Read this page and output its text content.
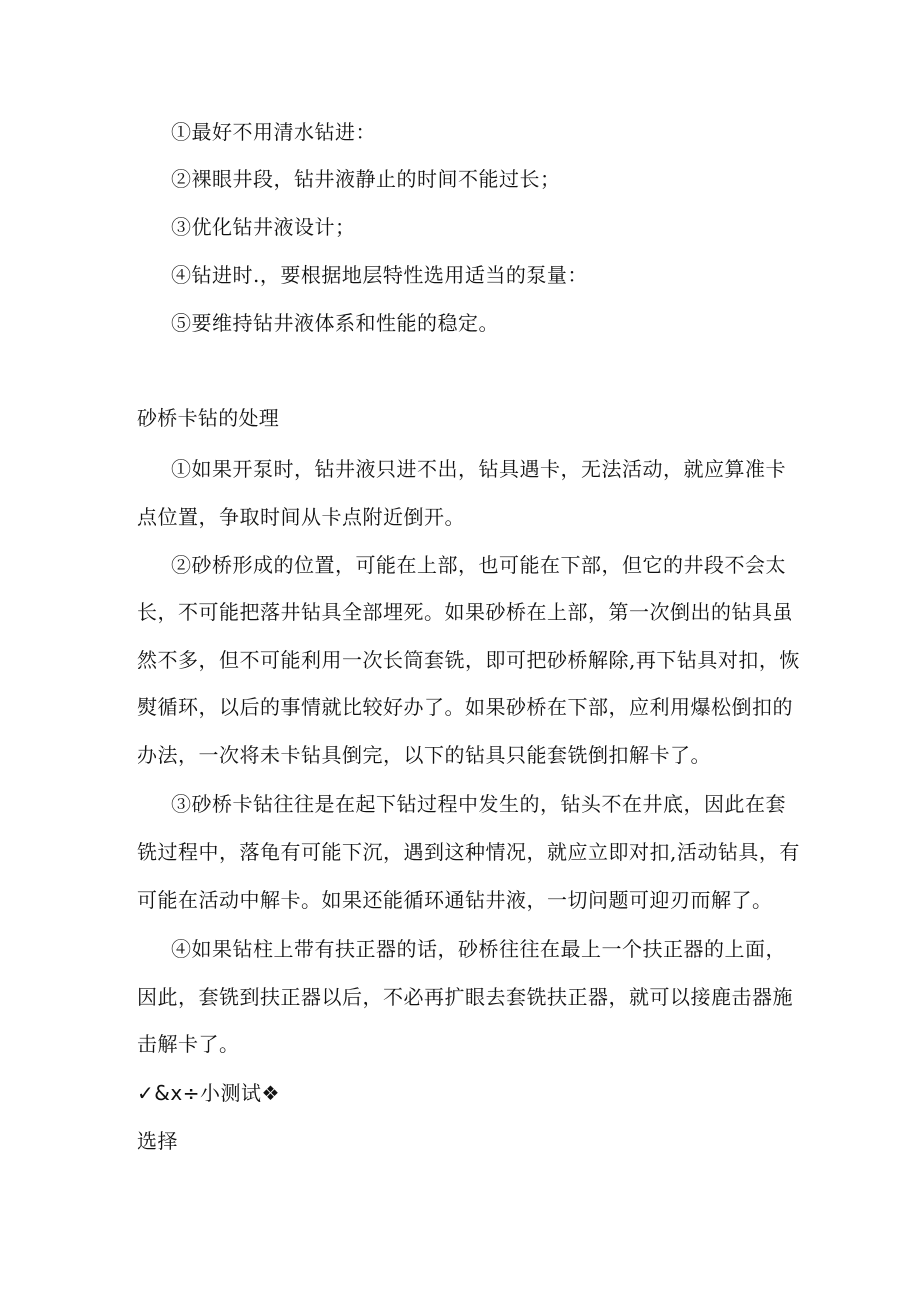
①最好不用清水钻进：
②裸眼井段，钻井液静止的时间不能过长；
③优化钻井液设计；
④钻进时.，要根据地层特性选用适当的泵量：
⑤要维持钻井液体系和性能的稳定。
砂桥卡钻的处理
①如果开泵时，钻井液只进不出，钻具遇卡，无法活动，就应算准卡
点位置，争取时间从卡点附近倒开。
②砂桥形成的位置，可能在上部，也可能在下部，但它的井段不会太
长，不可能把落井钻具全部埋死。如果砂桥在上部，第一次倒出的钻具虽
然不多，但不可能利用一次长筒套铣，即可把砂桥解除,再下钻具对扣，恢
熨循环，以后的事情就比较好办了。如果砂桥在下部，应利用爆松倒扣的
办法，一次将未卡钻具倒完，以下的钻具只能套铣倒扣解卡了。
③砂桥卡钻往往是在起下钻过程中发生的，钻头不在井底，因此在套
铣过程中，落龟有可能下沉，遇到这种情况，就应立即对扣,活动钻具，有
可能在活动中解卡。如果还能循环通钻井液，一切问题可迎刃而解了。
④如果钻柱上带有扶正器的话，砂桥往往在最上一个扶正器的上面，
因此，套铣到扶正器以后，不必再扩眼去套铣扶正器，就可以接鹿击器施
击解卡了。
✓&x÷小测试❖
选择
